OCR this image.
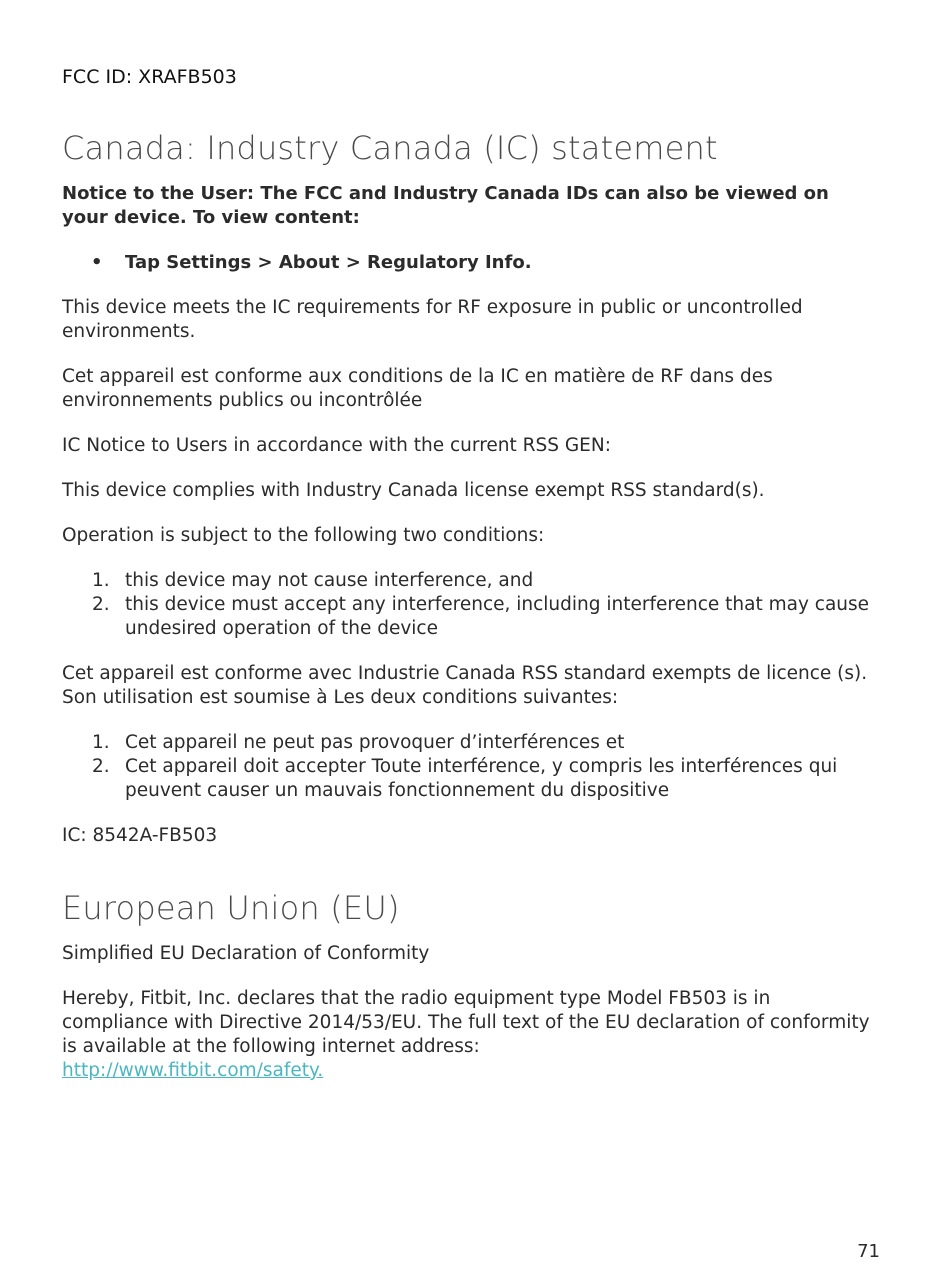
FCC ID: XRAFB503

Canada: Industry Canada (IC) statement

Notice to the User: The FCC and Industry Canada IDs can also be viewed on your device. To view content:

• Tap Settings > About > Regulatory Info.

This device meets the IC requirements for RF exposure in public or uncontrolled environments.

Cet appareil est conforme aux conditions de la IC en matière de RF dans des environnements publics ou incontrôlée

IC Notice to Users in accordance with the current RSS GEN:

This device complies with Industry Canada license exempt RSS standard(s).

Operation is subject to the following two conditions:

1. this device may not cause interference, and
2. this device must accept any interference, including interference that may cause undesired operation of the device

Cet appareil est conforme avec Industrie Canada RSS standard exempts de licence (s). Son utilisation est soumise à Les deux conditions suivantes:

1. Cet appareil ne peut pas provoquer d’interférences et
2. Cet appareil doit accepter Toute interférence, y compris les interférences qui peuvent causer un mauvais fonctionnement du dispositive

IC: 8542A-FB503

European Union (EU)

Simplified EU Declaration of Conformity

Hereby, Fitbit, Inc. declares that the radio equipment type Model FB503 is in compliance with Directive 2014/53/EU. The full text of the EU declaration of conformity is available at the following internet address:
http://www.fitbit.com/safety.

71
